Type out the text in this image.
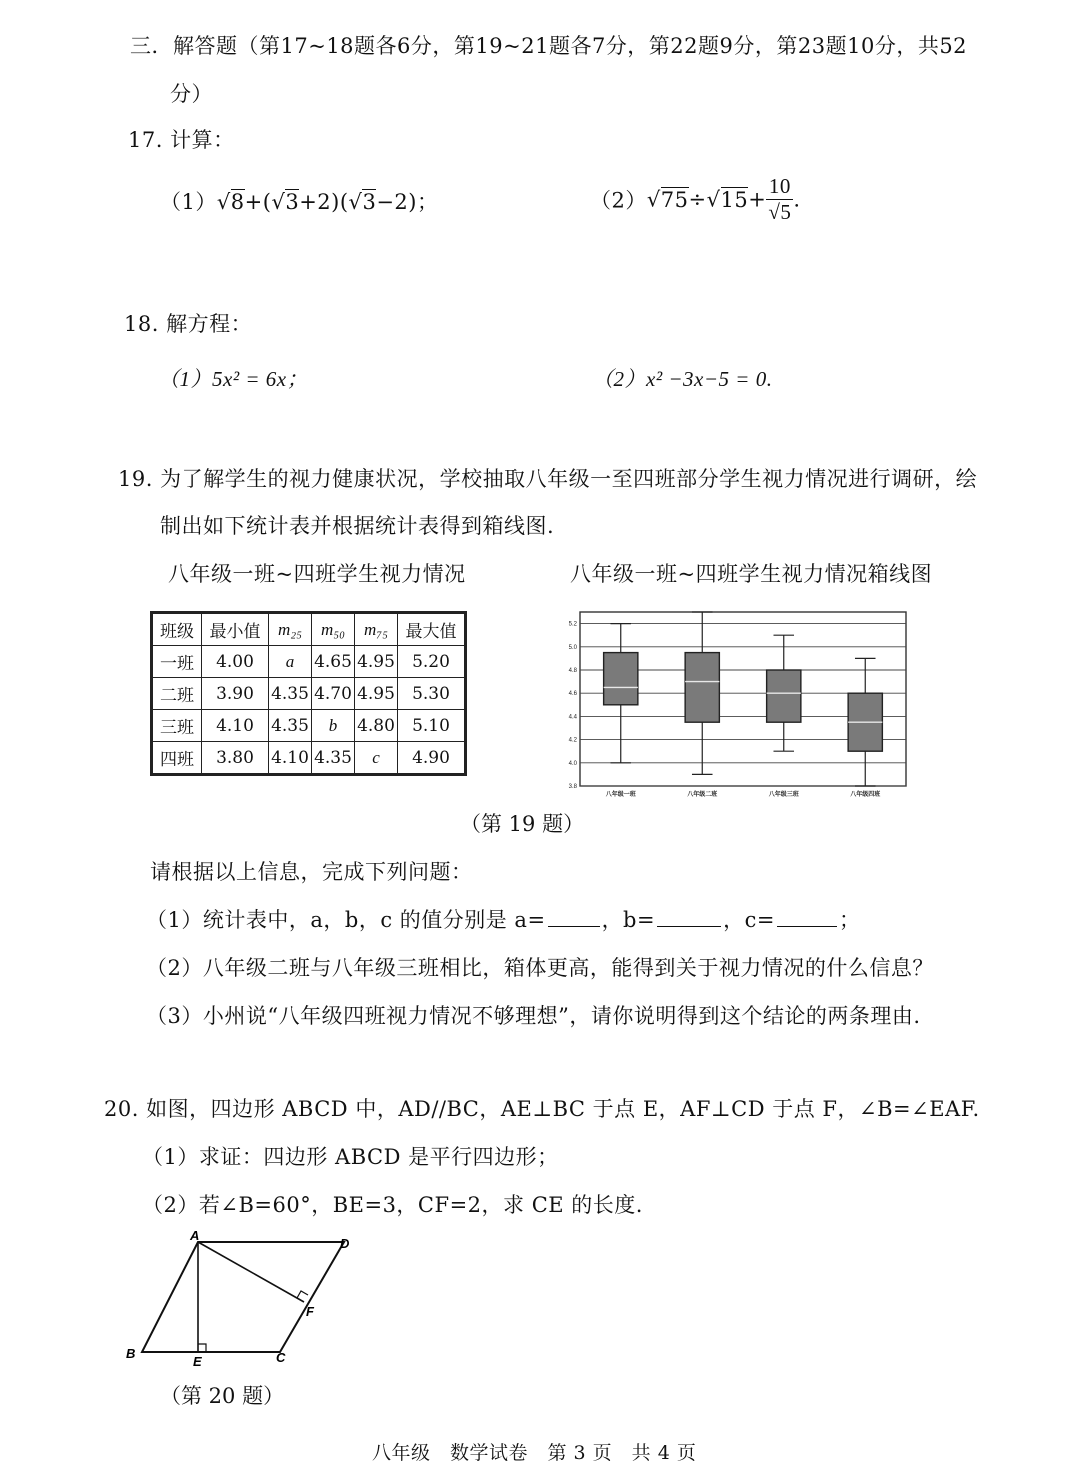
三．解答题（第17~18题各6分，第19~21题各7分，第22题9分，第23题10分，共52
分）
17. 计算：
（1）√8+(√3+2)(√3−2)；	$(2)√75\div√15+ \frac{10}{√5}$ .
18. 解方程：
（1）5x² = 6x；	（2）x² −3x−5 = 0.
19. 为了解学生的视力健康状况，学校抽取八年级一至四班部分学生视力情况进行调研，绘
制出如下统计表并根据统计表得到箱线图.
八年级一班~四班学生视力情况	八年级一班~四班学生视力情况箱线图
班级	最小值	m₂₅	m₅₀	m₇₅	最大值
一班	4.00	a	4.65	4.95	5.20
二班	3.90	4.35	4.70	4.95	5.30
三班	4.10	4.35	b	4.80	5.10
四班	3.80	4.10	4.35	c	4.90
3.8
4.0
4.2
4.4
4.6
4.8
5.0
5.2
八年级一班	八年级二班	八年级三班	八年级四班
（第 19 题）
请根据以上信息，完成下列问题：
（1）统计表中，a，b，c 的值分别是 a=	，b=	，c=	；
（2）八年级二班与八年级三班相比，箱体更高，能得到关于视力情况的什么信息？
（3）小州说“八年级四班视力情况不够理想”，请你说明得到这个结论的两条理由.
20. 如图，四边形 ABCD 中，AD//BC，AE⊥BC 于点 E，AF⊥CD 于点 F，∠B=∠EAF.
（1）求证：四边形 ABCD 是平行四边形；
（2）若∠B=60°，BE=3，CF=2，求 CE 的长度.
A
D
B
E	C
F
（第 20 题）
八年级　数学试卷　第 3 页　共 4 页
